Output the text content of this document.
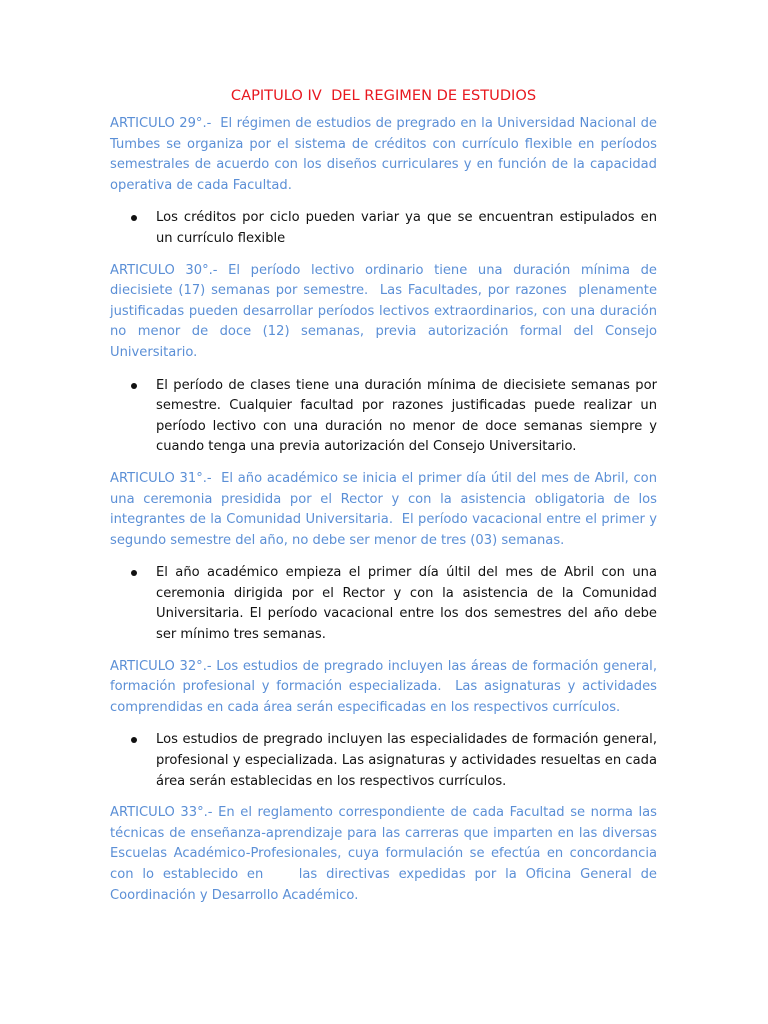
CAPITULO IV  DEL REGIMEN DE ESTUDIOS

ARTICULO 29°.-  El régimen de estudios de pregrado en la Universidad Nacional de Tumbes se organiza por el sistema de créditos con currículo flexible en períodos semestrales de acuerdo con los diseños curriculares y en función de la capacidad operativa de cada Facultad.

Los créditos por ciclo pueden variar ya que se encuentran estipulados en un currículo flexible

ARTICULO 30°.- El período lectivo ordinario tiene una duración mínima de diecisiete (17) semanas por semestre.  Las Facultades, por razones  plenamente justificadas pueden desarrollar períodos lectivos extraordinarios, con una duración no menor de doce (12) semanas, previa autorización formal del Consejo Universitario.

El período de clases tiene una duración mínima de diecisiete semanas por semestre. Cualquier facultad por razones justificadas puede realizar un período lectivo con una duración no menor de doce semanas siempre y cuando tenga una previa autorización del Consejo Universitario.

ARTICULO 31°.-  El año académico se inicia el primer día útil del mes de Abril, con una ceremonia presidida por el Rector y con la asistencia obligatoria de los integrantes de la Comunidad Universitaria.  El período vacacional entre el primer y segundo semestre del año, no debe ser menor de tres (03) semanas.

El año académico empieza el primer día últil del mes de Abril con una ceremonia dirigida por el Rector y con la asistencia de la Comunidad Universitaria. El período vacacional entre los dos semestres del año debe ser mínimo tres semanas.

ARTICULO 32°.- Los estudios de pregrado incluyen las áreas de formación general, formación profesional y formación especializada.  Las asignaturas y actividades comprendidas en cada área serán especificadas en los respectivos currículos.

Los estudios de pregrado incluyen las especialidades de formación general, profesional y especializada. Las asignaturas y actividades resueltas en cada área serán establecidas en los respectivos currículos.

ARTICULO 33°.- En el reglamento correspondiente de cada Facultad se norma las técnicas de enseñanza-aprendizaje para las carreras que imparten en las diversas Escuelas Académico-Profesionales, cuya formulación se efectúa en concordancia con lo establecido en    las directivas expedidas por la Oficina General de Coordinación y Desarrollo Académico.
